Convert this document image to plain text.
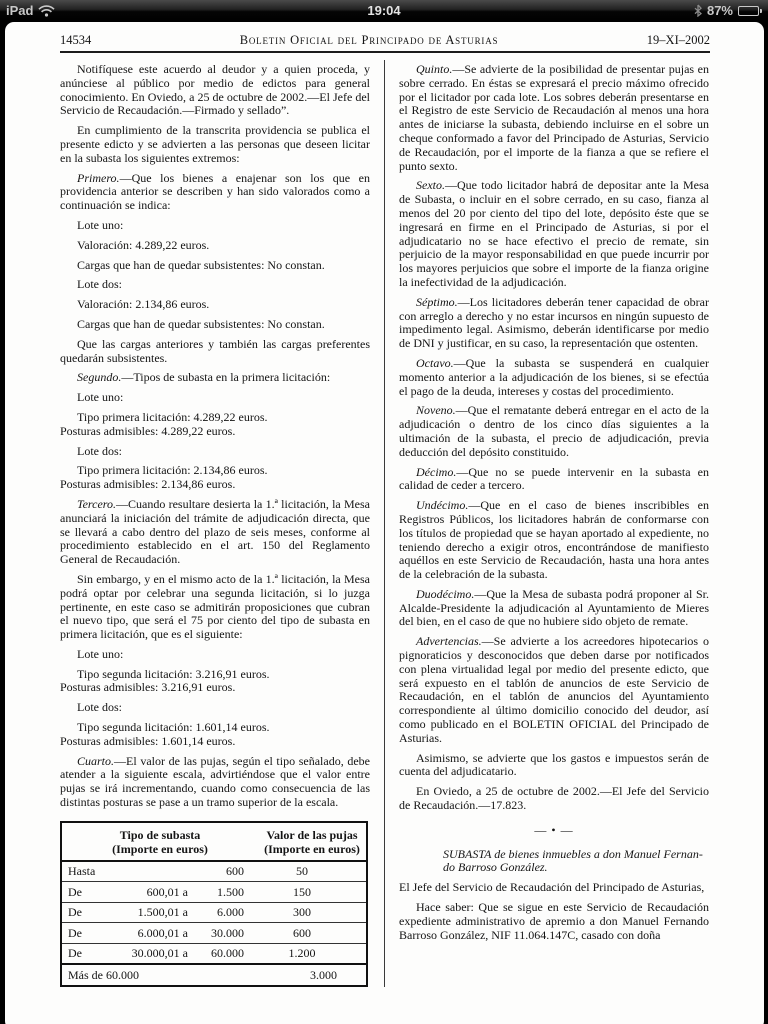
iPad	19:04	87%
14534	Boletin Oficial del Principado de Asturias	19–XI–2002

Notifíquese este acuerdo al deudor y a quien proceda, y anúnciese al público por medio de edictos para general conocimiento. En Oviedo, a 25 de octubre de 2002.—El Jefe del Servicio de Recaudación.—Firmado y sellado”.

En cumplimiento de la transcrita providencia se publica el presente edicto y se advierten a las personas que deseen licitar en la subasta los siguientes extremos:

Primero.—Que los bienes a enajenar son los que en providencia anterior se describen y han sido valorados como a continuación se indica:

Lote uno:

Valoración: 4.289,22 euros.

Cargas que han de quedar subsistentes: No constan.

Lote dos:

Valoración: 2.134,86 euros.

Cargas que han de quedar subsistentes: No constan.

Que las cargas anteriores y también las cargas preferentes quedarán subsistentes.

Segundo.—Tipos de subasta en la primera licitación:

Lote uno:

Tipo primera licitación: 4.289,22 euros.
Posturas admisibles: 4.289,22 euros.

Lote dos:

Tipo primera licitación: 2.134,86 euros.
Posturas admisibles: 2.134,86 euros.

Tercero.—Cuando resultare desierta la 1.ª licitación, la Mesa anunciará la iniciación del trámite de adjudicación directa, que se llevará a cabo dentro del plazo de seis meses, conforme al procedimiento establecido en el art. 150 del Reglamento General de Recaudación.

Sin embargo, y en el mismo acto de la 1.ª licitación, la Mesa podrá optar por celebrar una segunda licitación, si lo juzga pertinente, en este caso se admitirán proposiciones que cubran el nuevo tipo, que será el 75 por ciento del tipo de subasta en primera licitación, que es el siguiente:

Lote uno:

Tipo segunda licitación: 3.216,91 euros.
Posturas admisibles: 3.216,91 euros.

Lote dos:

Tipo segunda licitación: 1.601,14 euros.
Posturas admisibles: 1.601,14 euros.

Cuarto.—El valor de las pujas, según el tipo señalado, debe atender a la siguiente escala, advirtiéndose que el valor entre pujas se irá incrementando, cuando como consecuencia de las distintas posturas se pase a un tramo superior de la escala.

Tipo de subasta
(Importe en euros)
Valor de las pujas
(Importe en euros)
Hasta	600	50
De	600,01 a	1.500	150
De	1.500,01 a	6.000	300
De	6.000,01 a	30.000	600
De	30.000,01 a	60.000	1.200
Más de 60.000	3.000

Quinto.—Se advierte de la posibilidad de presentar pujas en sobre cerrado. En éstas se expresará el precio máximo ofrecido por el licitador por cada lote. Los sobres deberán presentarse en el Registro de este Servicio de Recaudación al menos una hora antes de iniciarse la subasta, debiendo incluirse en el sobre un cheque conformado a favor del Principado de Asturias, Servicio de Recaudación, por el importe de la fianza a que se refiere el punto sexto.

Sexto.—Que todo licitador habrá de depositar ante la Mesa de Subasta, o incluir en el sobre cerrado, en su caso, fianza al menos del 20 por ciento del tipo del lote, depósito éste que se ingresará en firme en el Principado de Asturias, si por el adjudicatario no se hace efectivo el precio de remate, sin perjuicio de la mayor responsabilidad en que puede incurrir por los mayores perjuicios que sobre el importe de la fianza origine la inefectividad de la adjudicación.

Séptimo.—Los licitadores deberán tener capacidad de obrar con arreglo a derecho y no estar incursos en ningún supuesto de impedimento legal. Asimismo, deberán identificarse por medio de DNI y justificar, en su caso, la representación que ostenten.

Octavo.—Que la subasta se suspenderá en cualquier momento anterior a la adjudicación de los bienes, si se efectúa el pago de la deuda, intereses y costas del procedimiento.

Noveno.—Que el rematante deberá entregar en el acto de la adjudicación o dentro de los cinco días siguientes a la ultimación de la subasta, el precio de adjudicación, previa deducción del depósito constituido.

Décimo.—Que no se puede intervenir en la subasta en calidad de ceder a tercero.

Undécimo.—Que en el caso de bienes inscribibles en Registros Públicos, los licitadores habrán de conformarse con los títulos de propiedad que se hayan aportado al expediente, no teniendo derecho a exigir otros, encontrándose de manifiesto aquéllos en este Servicio de Recaudación, hasta una hora antes de la celebración de la subasta.

Duodécimo.—Que la Mesa de subasta podrá proponer al Sr. Alcalde-Presidente la adjudicación al Ayuntamiento de Mieres del bien, en el caso de que no hubiere sido objeto de remate.

Advertencias.—Se advierte a los acreedores hipotecarios o pignoraticios y desconocidos que deben darse por notificados con plena virtualidad legal por medio del presente edicto, que será expuesto en el tablón de anuncios de este Servicio de Recaudación, en el tablón de anuncios del Ayuntamiento correspondiente al último domicilio conocido del deudor, así como publicado en el BOLETIN OFICIAL del Principado de Asturias.

Asimismo, se advierte que los gastos e impuestos serán de cuenta del adjudicatario.

En Oviedo, a 25 de octubre de 2002.—El Jefe del Servicio de Recaudación.—17.823.

— • —

SUBASTA de bienes inmuebles a don Manuel Fernan-
do Barroso González.

El Jefe del Servicio de Recaudación del Principado de Asturias,

Hace saber: Que se sigue en este Servicio de Recaudación expediente administrativo de apremio a don Manuel Fernando Barroso González, NIF 11.064.147C, casado con doña
